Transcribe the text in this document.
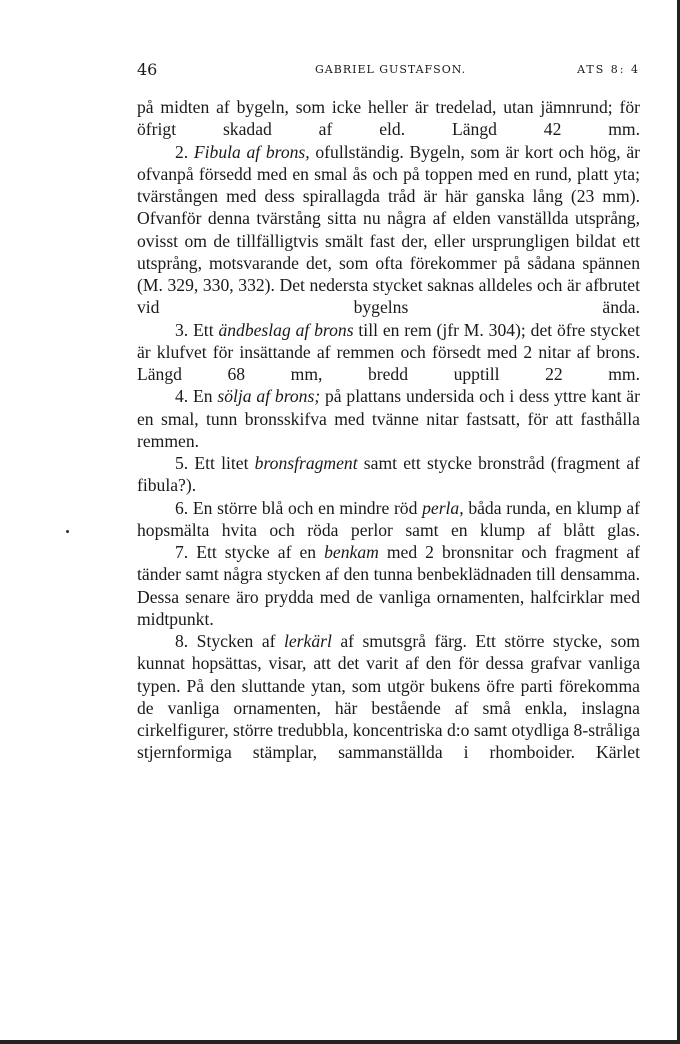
46	GABRIEL GUSTAFSON.	ATS 8: 4

på midten af bygeln, som icke heller är tredelad, utan jämnrund; för öfrigt skadad af eld. Längd 42 mm.

2. Fibula af brons, ofullständig. Bygeln, som är kort och hög, är ofvanpå försedd med en smal ås och på toppen med en rund, platt yta; tvärstången med dess spirallagda tråd är här ganska lång (23 mm). Ofvanför denna tvärstång sitta nu några af elden vanställda utsprång, ovisst om de tillfälligtvis smält fast der, eller ursprungligen bildat ett utsprång, motsvarande det, som ofta förekommer på sådana spännen (M. 329, 330, 332). Det nedersta stycket saknas alldeles och är afbrutet vid bygelns ända.

3. Ett ändbeslag af brons till en rem (jfr M. 304); det öfre stycket är klufvet för insättande af remmen och försedt med 2 nitar af brons. Längd 68 mm, bredd upptill 22 mm.

4. En sölja af brons; på plattans undersida och i dess yttre kant är en smal, tunn bronsskifva med tvänne nitar fastsatt, för att fasthålla remmen.

5. Ett litet bronsfragment samt ett stycke bronstråd (fragment af fibula?).

6. En större blå och en mindre röd perla, båda runda, en klump af hopsmälta hvita och röda perlor samt en klump af blått glas.

7. Ett stycke af en benkam med 2 bronsnitar och fragment af tänder samt några stycken af den tunna benbeklädnaden till densamma. Dessa senare äro prydda med de vanliga ornamenten, halfcirklar med midtpunkt.

8. Stycken af lerkärl af smutsgrå färg. Ett större stycke, som kunnat hopsättas, visar, att det varit af den för dessa grafvar vanliga typen. På den sluttande ytan, som utgör bukens öfre parti förekomma de vanliga ornamenten, här bestående af små enkla, inslagna cirkelfigurer, större tredubbla, koncentriska d:o samt otydliga 8-stråliga stjernformiga stämplar, sammanställda i rhomboider. Kärlet
